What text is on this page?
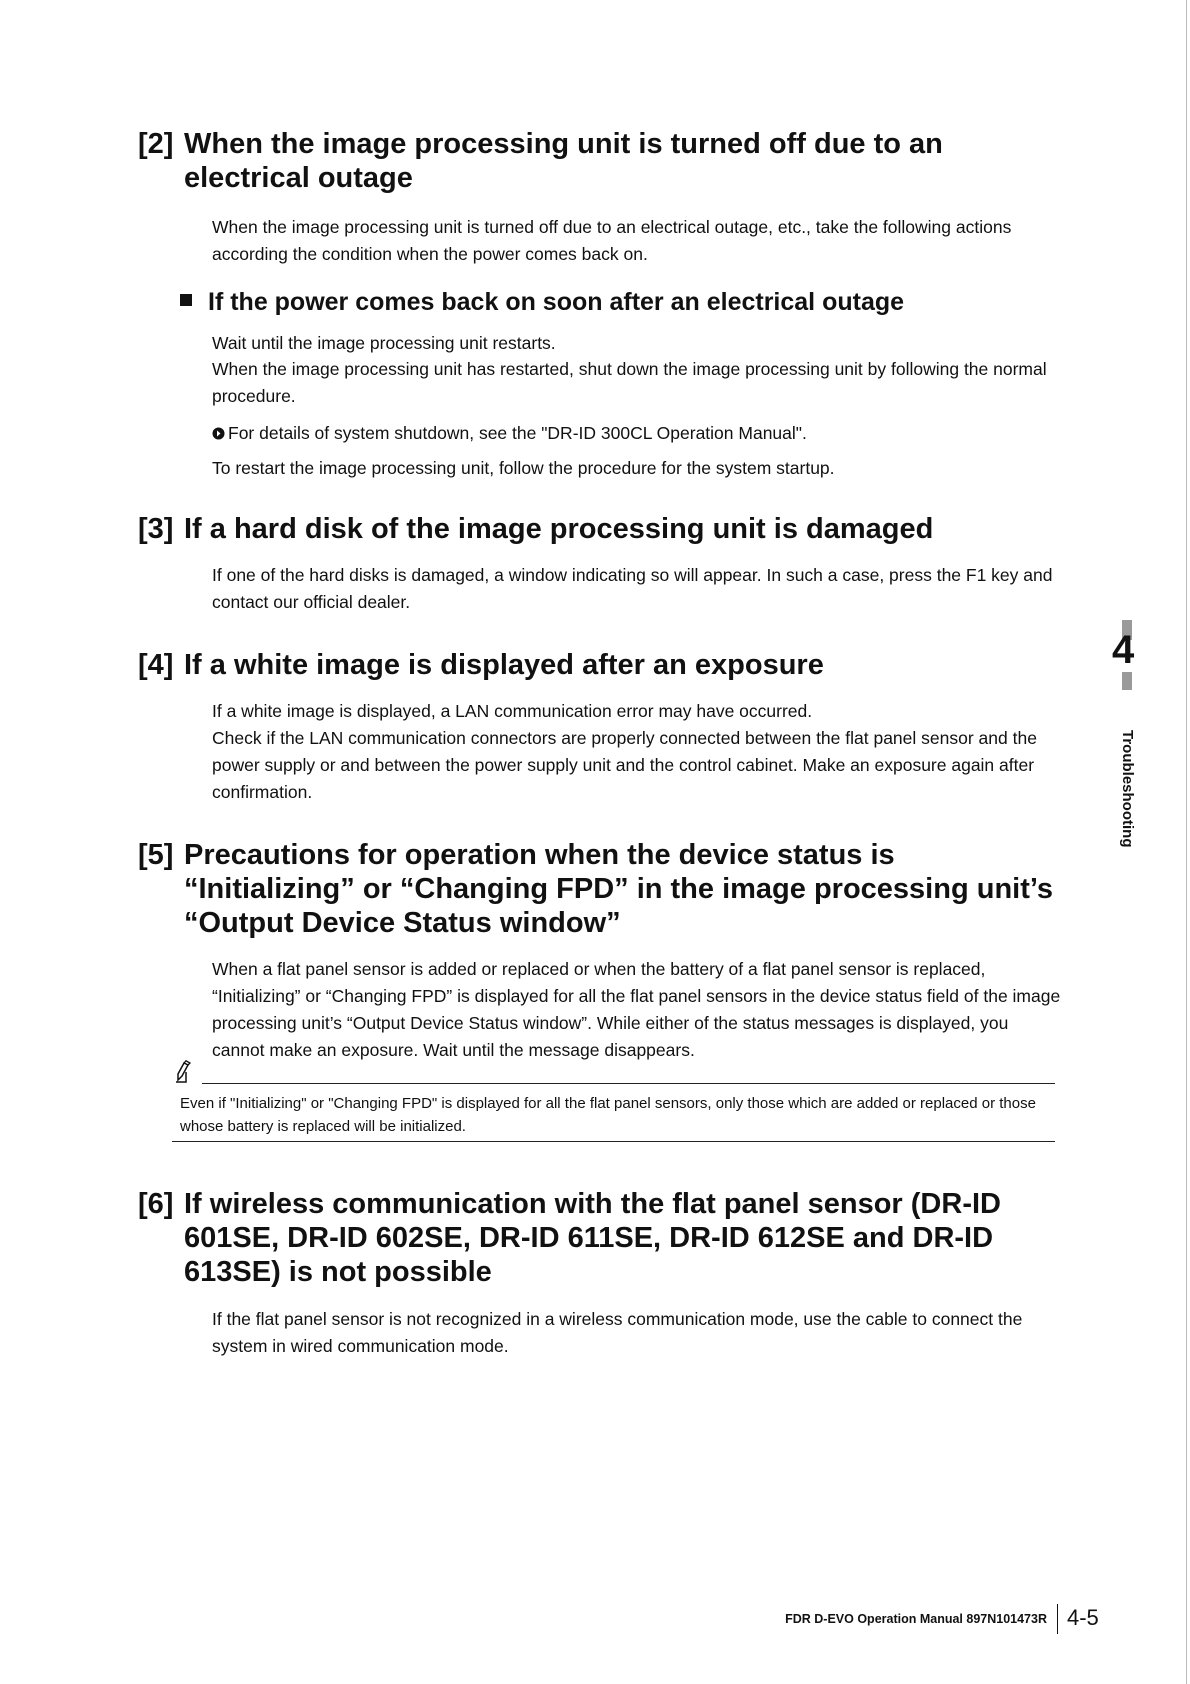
[2] When the image processing unit is turned off due to an electrical outage

When the image processing unit is turned off due to an electrical outage, etc., take the following actions according the condition when the power comes back on.

If the power comes back on soon after an electrical outage

Wait until the image processing unit restarts.

When the image processing unit has restarted, shut down the image processing unit by following the normal procedure.

For details of system shutdown, see the "DR-ID 300CL Operation Manual".

To restart the image processing unit, follow the procedure for the system startup.

[3] If a hard disk of the image processing unit is damaged

If one of the hard disks is damaged, a window indicating so will appear. In such a case, press the F1 key and contact our official dealer.

[4] If a white image is displayed after an exposure

If a white image is displayed, a LAN communication error may have occurred.

Check if the LAN communication connectors are properly connected between the flat panel sensor and the power supply or and between the power supply unit and the control cabinet. Make an exposure again after confirmation.

[5] Precautions for operation when the device status is “Initializing” or “Changing FPD” in the image processing unit’s “Output Device Status window”

When a flat panel sensor is added or replaced or when the battery of a flat panel sensor is replaced, “Initializing” or “Changing FPD” is displayed for all the flat panel sensors in the device status field of the image processing unit’s “Output Device Status window”. While either of the status messages is displayed, you cannot make an exposure. Wait until the message disappears.

Even if "Initializing" or "Changing FPD" is displayed for all the flat panel sensors, only those which are added or replaced or those whose battery is replaced will be initialized.

[6] If wireless communication with the flat panel sensor (DR-ID 601SE, DR-ID 602SE, DR-ID 611SE, DR-ID 612SE and DR-ID 613SE) is not possible

If the flat panel sensor is not recognized in a wireless communication mode, use the cable to connect the system in wired communication mode.

4
Troubleshooting
FDR D-EVO Operation Manual 897N101473R 4-5
